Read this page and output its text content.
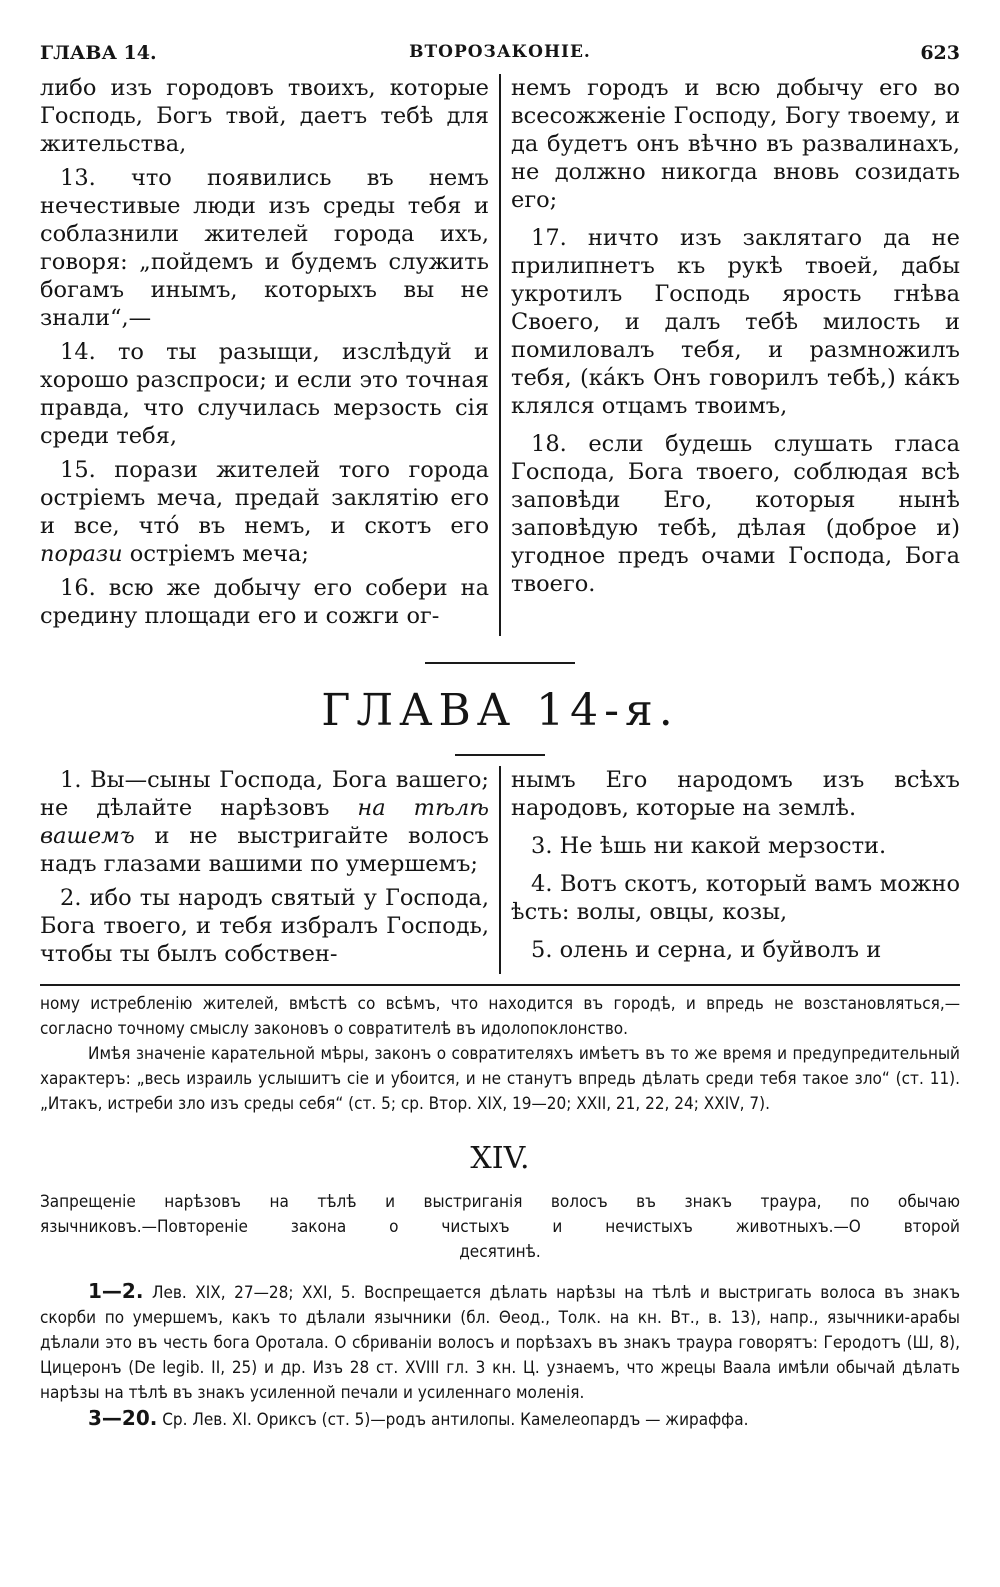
ГЛАВА 14.	ВТОРОЗАКОНІЕ.	623

либо изъ городовъ твоихъ, которые Господь, Богъ твой, даетъ тебѣ для жительства,

13. что появились въ немъ нечестивые люди изъ среды тебя и соблазнили жителей города ихъ, говоря: „пойдемъ и будемъ служить богамъ инымъ, которыхъ вы не знали“,—

14. то ты разыщи, изслѣдуй и хорошо разспроси; и если это точная правда, что случилась мерзость сія среди тебя,

15. порази жителей того города остріемъ меча, предай заклятію его и все, что́ въ немъ, и скотъ его порази остріемъ меча;

16. всю же добычу его собери на средину площади его и сожги ог-

немъ городъ и всю добычу его во всесожженіе Господу, Богу твоему, и да будетъ онъ вѣчно въ развалинахъ, не должно никогда вновь созидать его;

17. ничто изъ заклятаго да не прилипнетъ къ рукѣ твоей, дабы укротилъ Господь ярость гнѣва Своего, и далъ тебѣ милость и помиловалъ тебя, и размножилъ тебя, (ка́къ Онъ говорилъ тебѣ,) ка́къ клялся отцамъ твоимъ,

18. если будешь слушать гласа Господа, Бога твоего, соблюдая всѣ заповѣди Его, которыя нынѣ заповѣдую тебѣ, дѣлая (доброе и) угодное предъ очами Господа, Бога твоего.

ГЛАВА 14-я.

1. Вы—сыны Господа, Бога вашего; не дѣлайте нарѣзовъ на тѣлѣ вашемъ и не выстригайте волосъ надъ глазами вашими по умершемъ;

2. ибо ты народъ святый у Господа, Бога твоего, и тебя избралъ Господь, чтобы ты былъ собствен-

нымъ Его народомъ изъ всѣхъ народовъ, которые на землѣ.

3. Не ѣшь ни какой мерзости.

4. Вотъ скотъ, который вамъ можно ѣсть: волы, овцы, козы,

5. олень и серна, и буйволъ и

ному истребленію жителей, вмѣстѣ со всѣмъ, что находится въ городѣ, и впредь не возстановляться,—согласно точному смыслу законовъ о совратителѣ въ идолопоклонство.

Имѣя значеніе карательной мѣры, законъ о совратителяхъ имѣетъ въ то же время и предупредительный характеръ: „весь израиль услышитъ сіе и убоится, и не станутъ впредь дѣлать среди тебя такое зло“ (ст. 11). „Итакъ, истреби зло изъ среды себя“ (ст. 5; ср. Втор. XIX, 19—20; XXII, 21, 22, 24; XXIV, 7).

XIV.
Запрещеніе нарѣзовъ на тѣлѣ и выстриганія волосъ въ знакъ траура, по обычаю
язычниковъ.—Повтореніе закона о чистыхъ и нечистыхъ животныхъ.—О второй
десятинѣ.

1—2. Лев. XIX, 27—28; XXI, 5. Воспрещается дѣлать нарѣзы на тѣлѣ и выстригать волоса въ знакъ скорби по умершемъ, какъ то дѣлали язычники (бл. Θеод., Толк. на кн. Вт., в. 13), напр., язычники-арабы дѣлали это въ честь бога Оротала. О сбриваніи волосъ и порѣзахъ въ знакъ траура говорятъ: Геродотъ (Ш, 8), Цицеронъ (De legib. II, 25) и др. Изъ 28 ст. XVIII гл. 3 кн. Ц. узнаемъ, что жрецы Ваала имѣли обычай дѣлать нарѣзы на тѣлѣ въ знакъ усиленной печали и усиленнаго моленія.

3—20. Ср. Лев. XI. Ориксъ (ст. 5)—родъ антилопы. Камелеопардъ — жираффа.
